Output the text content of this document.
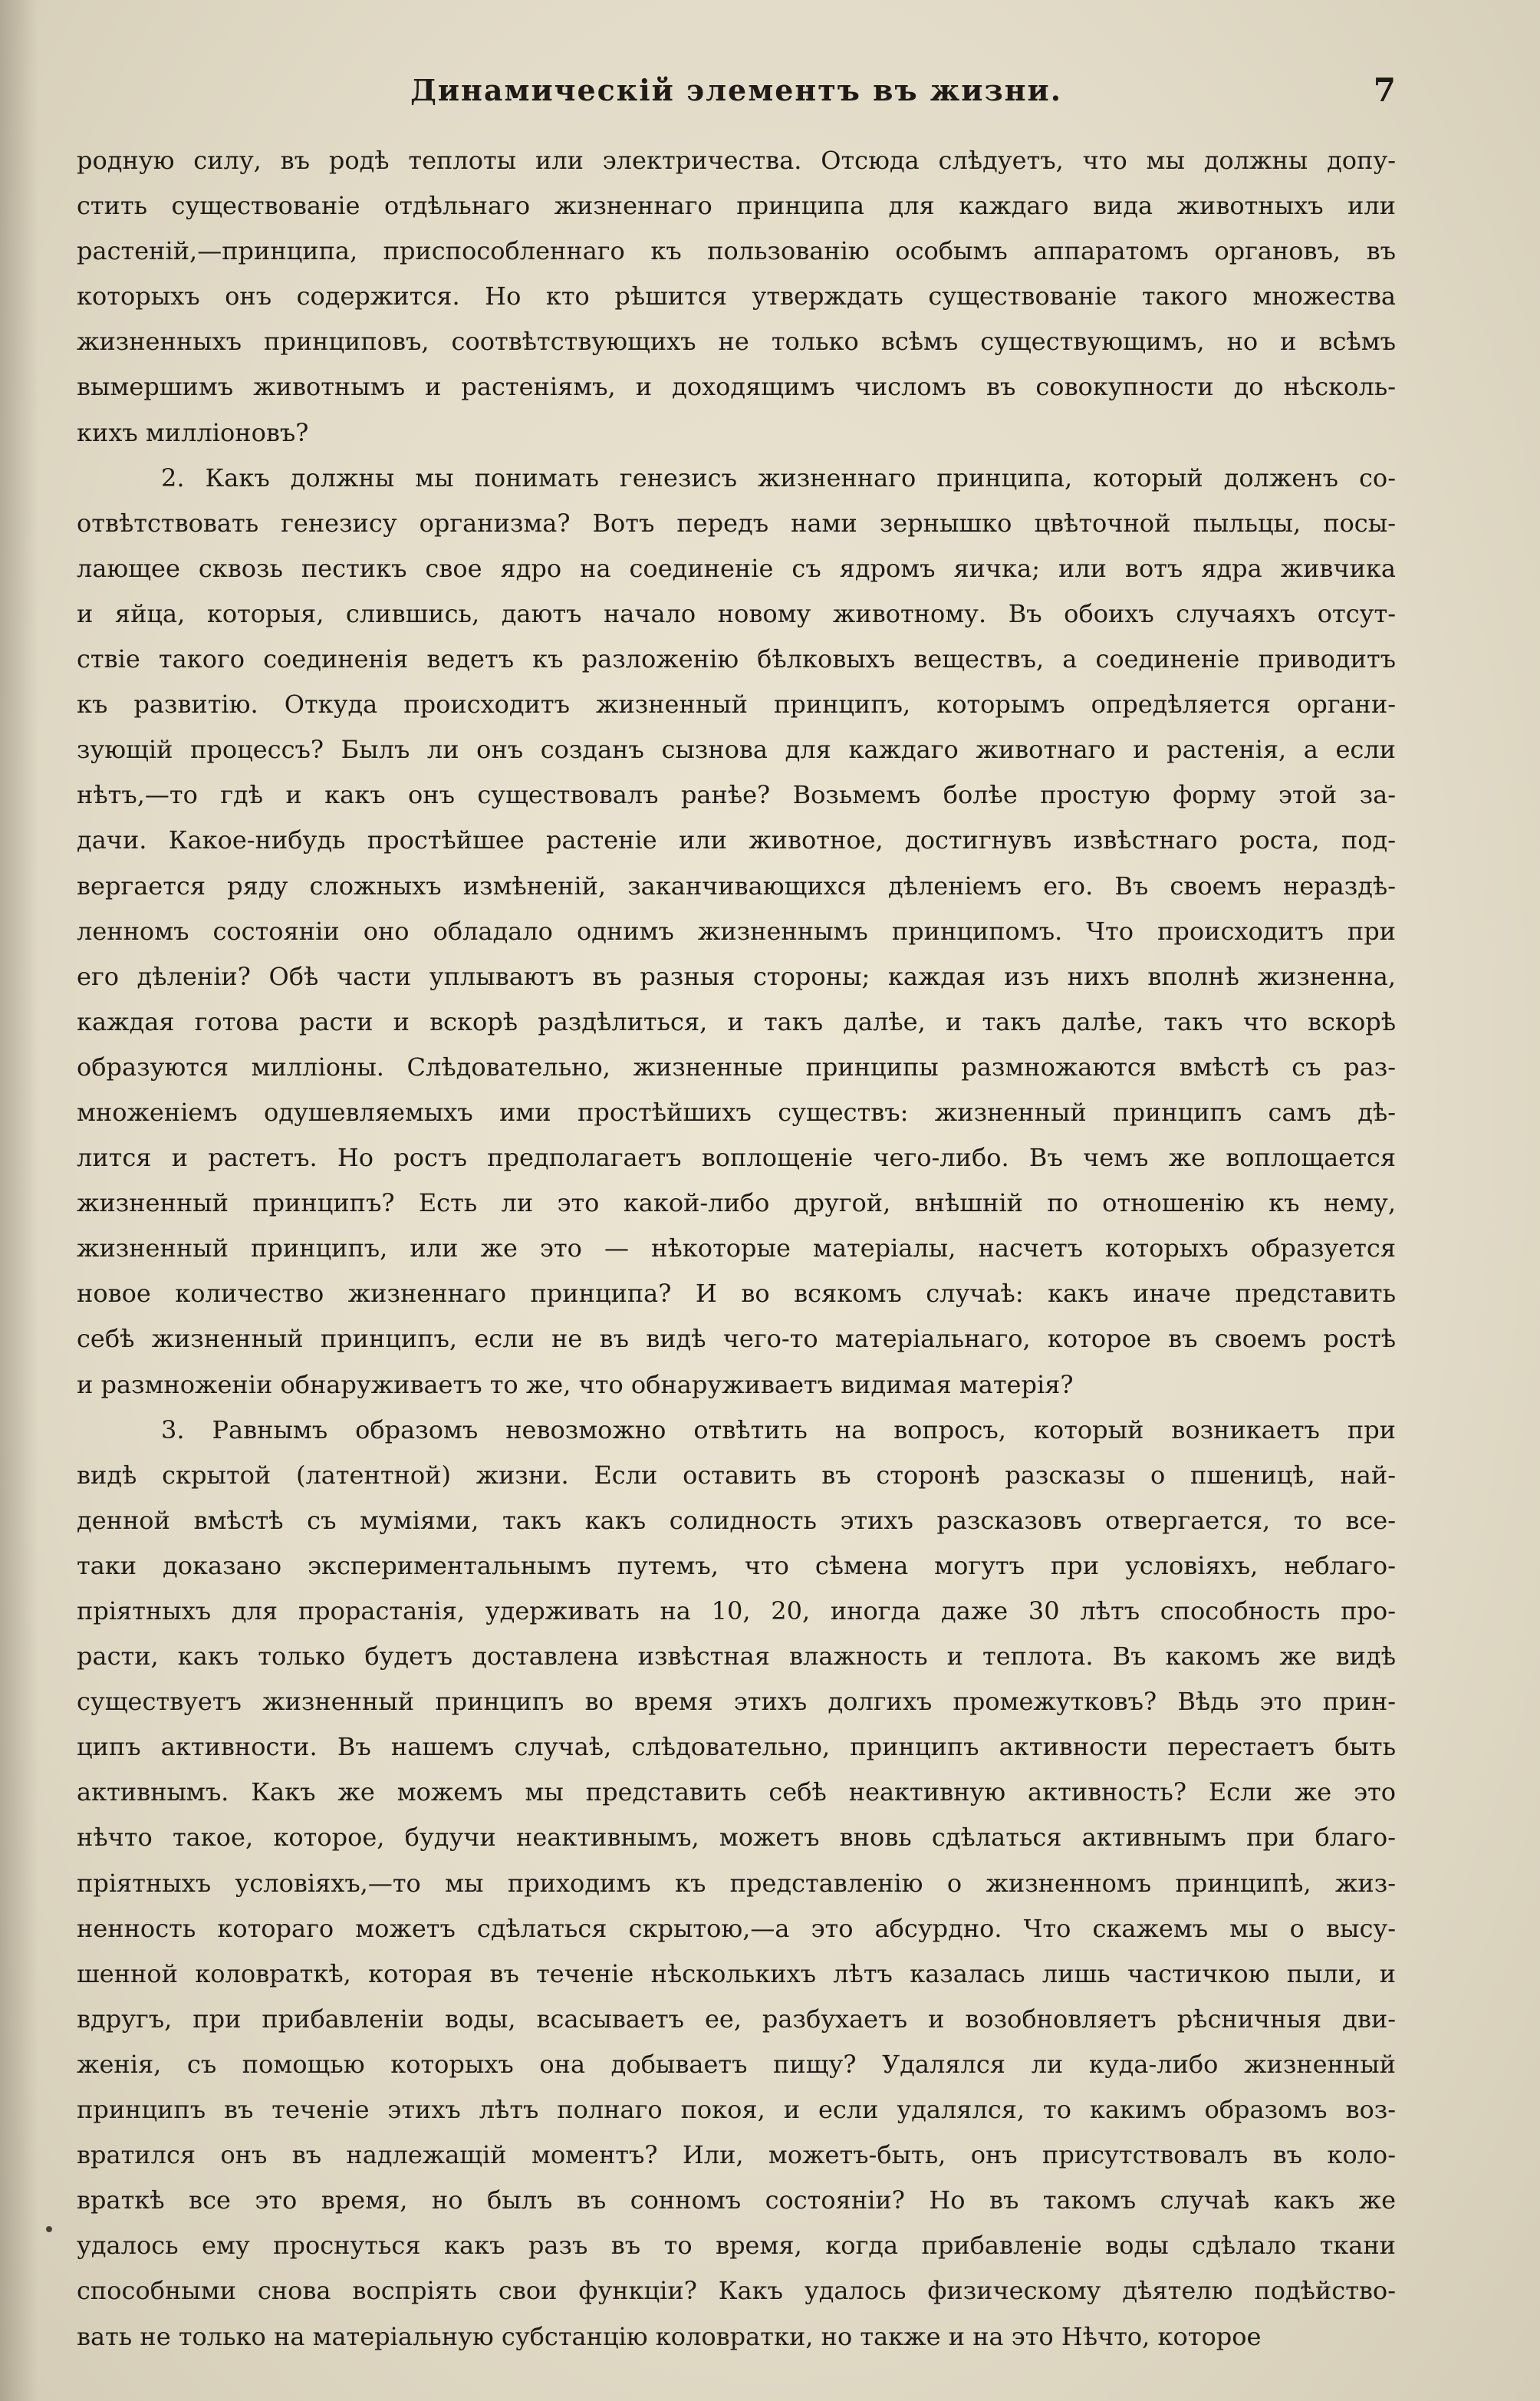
Динамическій элементъ въ жизни.	7
родную силу, въ родѣ теплоты или электричества. Отсюда слѣдуетъ, что мы должны допу-
стить существованіе отдѣльнаго жизненнаго принципа для каждаго вида животныхъ или
растеній,—принципа, приспособленнаго къ пользованію особымъ аппаратомъ органовъ, въ
которыхъ онъ содержится. Но кто рѣшится утверждать существованіе такого множества
жизненныхъ принциповъ, соотвѣтствующихъ не только всѣмъ существующимъ, но и всѣмъ
вымершимъ животнымъ и растеніямъ, и доходящимъ числомъ въ совокупности до нѣсколь-
кихъ милліоновъ?
2. Какъ должны мы понимать генезисъ жизненнаго принципа, который долженъ со-
отвѣтствовать генезису организма? Вотъ передъ нами зернышко цвѣточной пыльцы, посы-
лающее сквозь пестикъ свое ядро на соединеніе съ ядромъ яичка; или вотъ ядра живчика
и яйца, которыя, слившись, даютъ начало новому животному. Въ обоихъ случаяхъ отсут-
ствіе такого соединенія ведетъ къ разложенію бѣлковыхъ веществъ, а соединеніе приводитъ
къ развитію. Откуда происходитъ жизненный принципъ, которымъ опредѣляется органи-
зующій процессъ? Былъ ли онъ созданъ сызнова для каждаго животнаго и растенія, а если
нѣтъ,—то гдѣ и какъ онъ существовалъ ранѣе? Возьмемъ болѣе простую форму этой за-
дачи. Какое-нибудь простѣйшее растеніе или животное, достигнувъ извѣстнаго роста, под-
вергается ряду сложныхъ измѣненій, заканчивающихся дѣленіемъ его. Въ своемъ нераздѣ-
ленномъ состояніи оно обладало однимъ жизненнымъ принципомъ. Что происходитъ при
его дѣленіи? Обѣ части уплываютъ въ разныя стороны; каждая изъ нихъ вполнѣ жизненна,
каждая готова расти и вскорѣ раздѣлиться, и такъ далѣе, и такъ далѣе, такъ что вскорѣ
образуются милліоны. Слѣдовательно, жизненные принципы размножаются вмѣстѣ съ раз-
множеніемъ одушевляемыхъ ими простѣйшихъ существъ: жизненный принципъ самъ дѣ-
лится и растетъ. Но ростъ предполагаетъ воплощеніе чего-либо. Въ чемъ же воплощается
жизненный принципъ? Есть ли это какой-либо другой, внѣшній по отношенію къ нему,
жизненный принципъ, или же это — нѣкоторые матеріалы, насчетъ которыхъ образуется
новое количество жизненнаго принципа? И во всякомъ случаѣ: какъ иначе представить
себѣ жизненный принципъ, если не въ видѣ чего-то матеріальнаго, которое въ своемъ ростѣ
и размноженіи обнаруживаетъ то же, что обнаруживаетъ видимая матерія?
3. Равнымъ образомъ невозможно отвѣтить на вопросъ, который возникаетъ при
видѣ скрытой (латентной) жизни. Если оставить въ сторонѣ разсказы о пшеницѣ, най-
денной вмѣстѣ съ муміями, такъ какъ солидность этихъ разсказовъ отвергается, то все-
таки доказано экспериментальнымъ путемъ, что сѣмена могутъ при условіяхъ, неблаго-
пріятныхъ для прорастанія, удерживать на 10, 20, иногда даже 30 лѣтъ способность про-
расти, какъ только будетъ доставлена извѣстная влажность и теплота. Въ какомъ же видѣ
существуетъ жизненный принципъ во время этихъ долгихъ промежутковъ? Вѣдь это прин-
ципъ активности. Въ нашемъ случаѣ, слѣдовательно, принципъ активности перестаетъ быть
активнымъ. Какъ же можемъ мы представить себѣ неактивную активность? Если же это
нѣчто такое, которое, будучи неактивнымъ, можетъ вновь сдѣлаться активнымъ при благо-
пріятныхъ условіяхъ,—то мы приходимъ къ представленію о жизненномъ принципѣ, жиз-
ненность котораго можетъ сдѣлаться скрытою,—а это абсурдно. Что скажемъ мы о высу-
шенной коловраткѣ, которая въ теченіе нѣсколькихъ лѣтъ казалась лишь частичкою пыли, и
вдругъ, при прибавленіи воды, всасываетъ ее, разбухаетъ и возобновляетъ рѣсничныя дви-
женія, съ помощью которыхъ она добываетъ пищу? Удалялся ли куда-либо жизненный
принципъ въ теченіе этихъ лѣтъ полнаго покоя, и если удалялся, то какимъ образомъ воз-
вратился онъ въ надлежащій моментъ? Или, можетъ-быть, онъ присутствовалъ въ коло-
враткѣ все это время, но былъ въ сонномъ состояніи? Но въ такомъ случаѣ какъ же
удалось ему проснуться какъ разъ въ то время, когда прибавленіе воды сдѣлало ткани
способными снова воспріять свои функціи? Какъ удалось физическому дѣятелю подѣйство-
вать не только на матеріальную субстанцію коловратки, но также и на это Нѣчто, которое
